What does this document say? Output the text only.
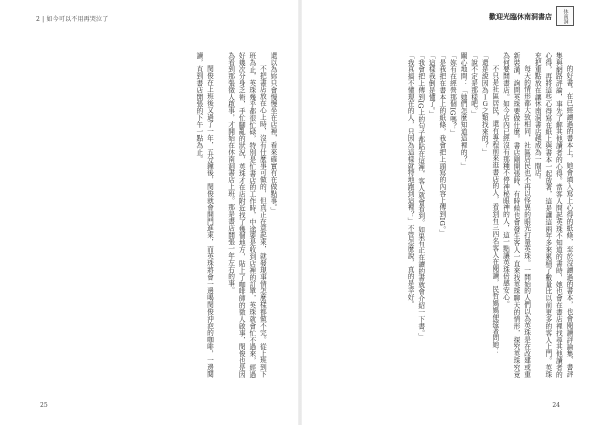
2 | 如今可以不用再哭泣了

還以為妳只會慢慢坐在店裡，看來確實有在做點事。」

不把書店放在心上時，沒有什麼事可做的，但真正在意起來，就發現事情怎麼樣都做不完。從上班到下班為止，英珠幾乎都很忙碌，特別是忙書店的工作時，中途要是收到店裡的訂單，英珠就會忙不過來，經過好幾次分身乏術，手忙腳亂的狀況，英珠才在店附近找了幾個地方，貼上了咖啡師的徵人啟事，閔俊也是因為看到那張徵人啟事，才開始在休南洞書店上班。那是書店開張一年左右的事。

閔俊在上班後又過了一年，五分鐘後，閔俊就會開門進來，而英珠將會一邊喝閔俊沖泡的咖啡，一邊閱讀，直到書店開張的下午一點為止。

25
歡迎光臨休南洞書店 休南洞

的好書。在已經讀過的書本上，她會填入寫上心得的紙條，至於沒讀過的書本，也會閱讀評論集、書評集與網路評論，事先了解其他讀者的心得。當客人問起英珠不知道的書時，她也會在書店裡找尋其他讀者的心得，再將這些心得寫在紙上與書本一起放著，這是讓這兩年多來累積了數量比以前更多的客人上門。英珠充把重點放在讓休南洞書店越成為一間店。

每天的情形都大致相同，社區居民也不再以怪異的眼光打量英珠。一開始的人們以為英珠是在改建或重新裝潢，詢問英珠要做什麼。書店剛開張時，有時候也會發生客人一直來找英珠聊天的情形，探究英珠究竟為何要開書店。如今店內已經沒有那種不停神秘眼神的人，這一點讓英珠倍感安心。

不只是社區居民，還有專程前來逛書店的人，看到有三四名客人在閱讀，民哲媽媽便接著問她：

「還是說因為ＩＧ之類找來的？」

「說不定是那樣吧。」

關心地問：「她們怎麼知道這裡的？」

「妳有在經營那個IG嗎？」

「是我把在書本上的紙條，我會把上頭寫的內容上傳到IG。」

「這樣我倒是懂了。」

「我會把上傳到IG上的句子都貼在這裡，客人就會看到。如果有正在讀的書就會介紹一下書。」

「我真搞不懂現在的人，只因為這樣就特地跑到這裡？」不管怎麼說，真的是幸好。

24
